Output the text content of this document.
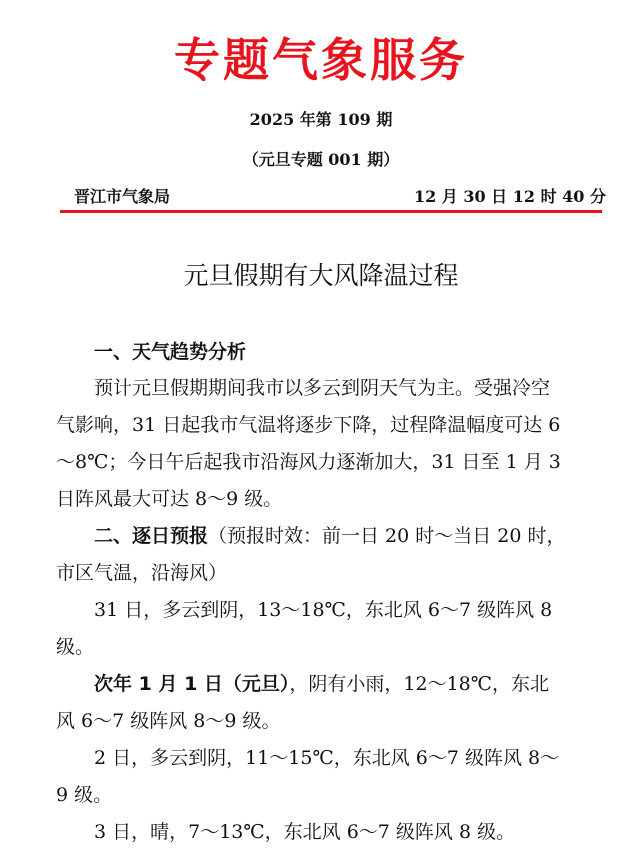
专题气象服务
2025 年第 109 期
（元旦专题 001 期）
晋江市气象局	12 月 30 日 12 时 40 分
元旦假期有大风降温过程
一、天气趋势分析

预计元旦假期期间我市以多云到阴天气为主。受强冷空气影响，31 日起我市气温将逐步下降，过程降温幅度可达 6～8℃；今日午后起我市沿海风力逐渐加大，31 日至 1 月 3 日阵风最大可达 8～9 级。

二、逐日预报（预报时效：前一日 20 时～当日 20 时，市区气温，沿海风）

31 日，多云到阴，13～18℃，东北风 6～7 级阵风 8 级。

次年 1 月 1 日（元旦），阴有小雨，12～18℃，东北风 6～7 级阵风 8～9 级。

2 日，多云到阴，11～15℃，东北风 6～7 级阵风 8～9 级。

3 日，晴，7～13℃，东北风 6～7 级阵风 8 级。
